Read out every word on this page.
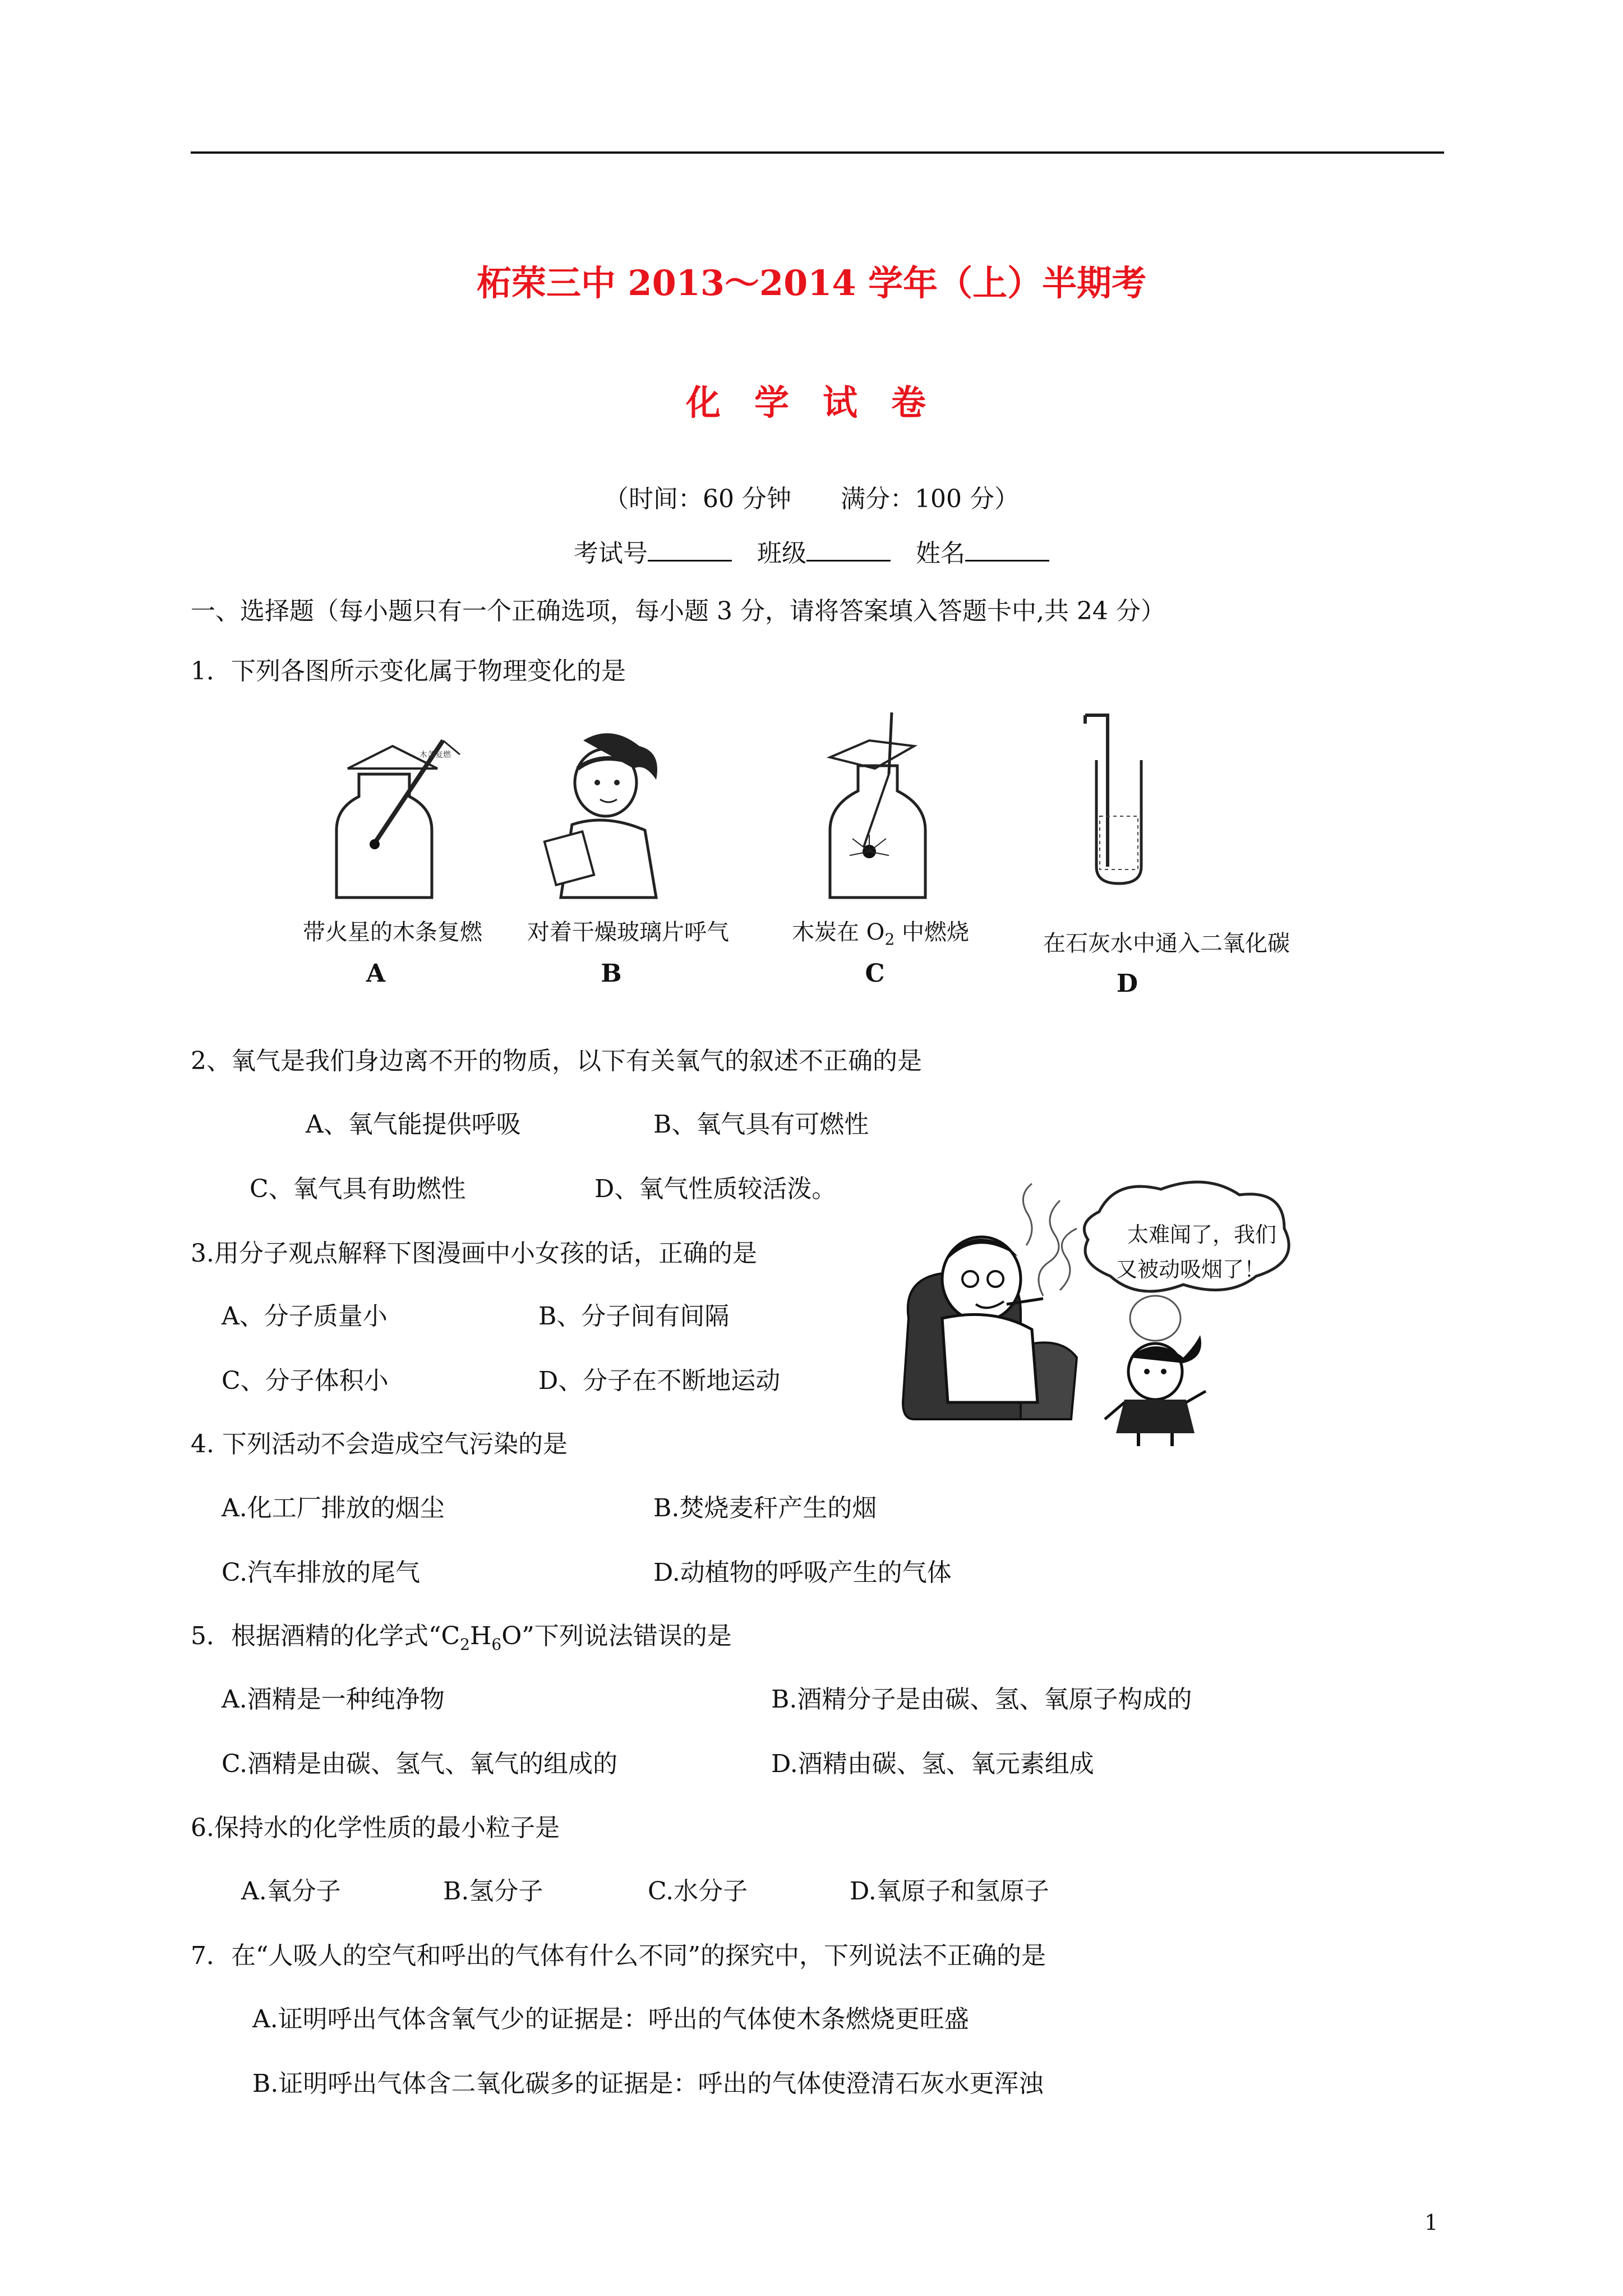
柘荣三中 2013～2014 学年（上）半期考
化学试卷
（时间：60 分钟　　满分：100 分）
考试号	班级	姓名
一、选择题（每小题只有一个正确选项，每小题 3 分，请将答案填入答题卡中,共 24 分）
1．下列各图所示变化属于物理变化的是
木条复燃
带火星的木条复燃	对着干燥玻璃片呼气	木炭在 $O_2$ 中燃烧	在石灰水中通入二氧化碳
A	B	C	D
2、氧气是我们身边离不开的物质，以下有关氧气的叙述不正确的是
A、氧气能提供呼吸	B、氧气具有可燃性
C、氧气具有助燃性	D、氧气性质较活泼。
3.用分子观点解释下图漫画中小女孩的话，正确的是
A、分子质量小	B、分子间有间隔
C、分子体积小	D、分子在不断地运动
太难闻了，我们
又被动吸烟了！
4. 下列活动不会造成空气污染的是
A.化工厂排放的烟尘	B.焚烧麦秆产生的烟
C.汽车排放的尾气	D.动植物的呼吸产生的气体
5．根据酒精的化学式“$C_2H_6O$”下列说法错误的是
A.酒精是一种纯净物	B.酒精分子是由碳、氢、氧原子构成的
C.酒精是由碳、氢气、氧气的组成的	D.酒精由碳、氢、氧元素组成
6.保持水的化学性质的最小粒子是
A.氧分子	B.氢分子	C.水分子	D.氧原子和氢原子
7．在“人吸人的空气和呼出的气体有什么不同”的探究中，下列说法不正确的是
A.证明呼出气体含氧气少的证据是：呼出的气体使木条燃烧更旺盛
B.证明呼出气体含二氧化碳多的证据是：呼出的气体使澄清石灰水更浑浊
1
